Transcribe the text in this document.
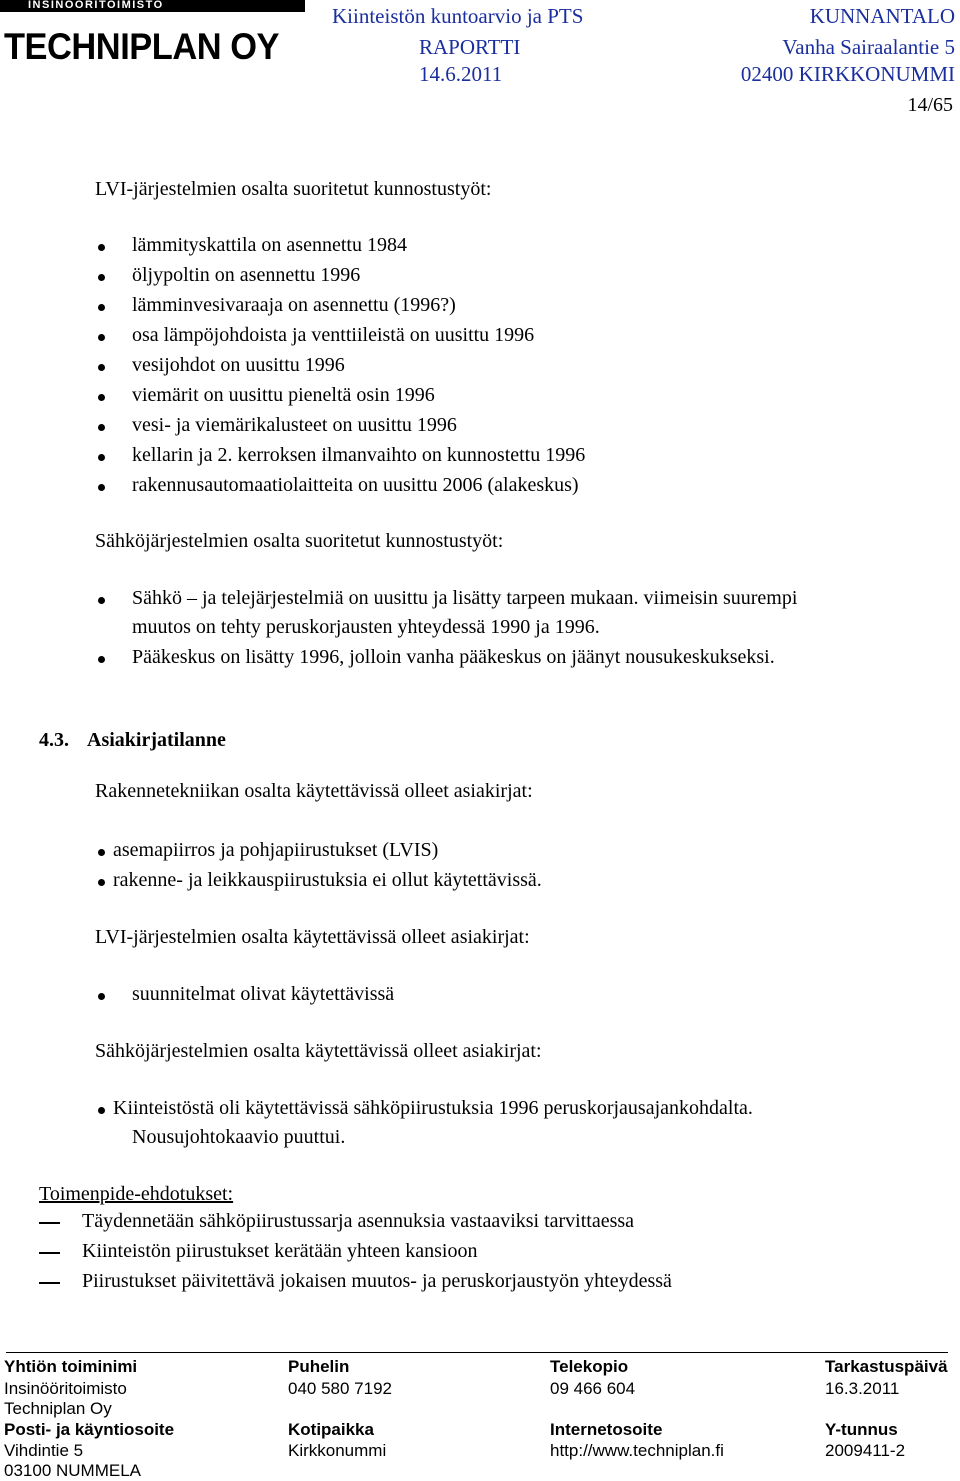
INSINÖÖRITOIMISTO
TECHNIPLAN OY
Kiinteistön kuntoarvio ja PTS
RAPORTTI
14.6.2011
KUNNANTALO
Vanha Sairaalantie 5
02400 KIRKKONUMMI
14/65
LVI-järjestelmien osalta suoritetut kunnostustyöt:
lämmityskattila on asennettu 1984
öljypoltin on asennettu 1996
lämminvesivaraaja on asennettu (1996?)
osa lämpöjohdoista ja venttiileistä on uusittu 1996
vesijohdot on uusittu 1996
viemärit on uusittu pieneltä osin 1996
vesi- ja viemärikalusteet on uusittu 1996
kellarin ja 2. kerroksen ilmanvaihto on kunnostettu 1996
rakennusautomaatiolaitteita on uusittu 2006 (alakeskus)
Sähköjärjestelmien osalta suoritetut kunnostustyöt:
Sähkö – ja telejärjestelmiä on uusittu ja lisätty tarpeen mukaan. viimeisin suurempi
muutos on tehty peruskorjausten yhteydessä 1990 ja 1996.
Pääkeskus on lisätty 1996, jolloin vanha pääkeskus on jäänyt nousukeskukseksi.
4.3. Asiakirjatilanne
Rakennetekniikan osalta käytettävissä olleet asiakirjat:
asemapiirros ja pohjapiirustukset (LVIS)
rakenne- ja leikkauspiirustuksia ei ollut käytettävissä.
LVI-järjestelmien osalta käytettävissä olleet asiakirjat:
suunnitelmat olivat käytettävissä
Sähköjärjestelmien osalta käytettävissä olleet asiakirjat:
Kiinteistöstä oli käytettävissä sähköpiirustuksia 1996 peruskorjausajankohdalta.
Nousujohtokaavio puuttui.
Toimenpide-ehdotukset:
Täydennetään sähköpiirustussarja asennuksia vastaaviksi tarvittaessa
Kiinteistön piirustukset kerätään yhteen kansioon
Piirustukset päivitettävä jokaisen muutos- ja peruskorjaustyön yhteydessä
Yhtiön toiminimi
Insinööritoimisto
Techniplan Oy
Posti- ja käyntiosoite
Vihdintie 5
03100 NUMMELA
Puhelin
040 580 7192
Kotipaikka
Kirkkonummi
Telekopio
09 466 604
Internetosoite
http://www.techniplan.fi
Tarkastuspäivä
16.3.2011
Y-tunnus
2009411-2
